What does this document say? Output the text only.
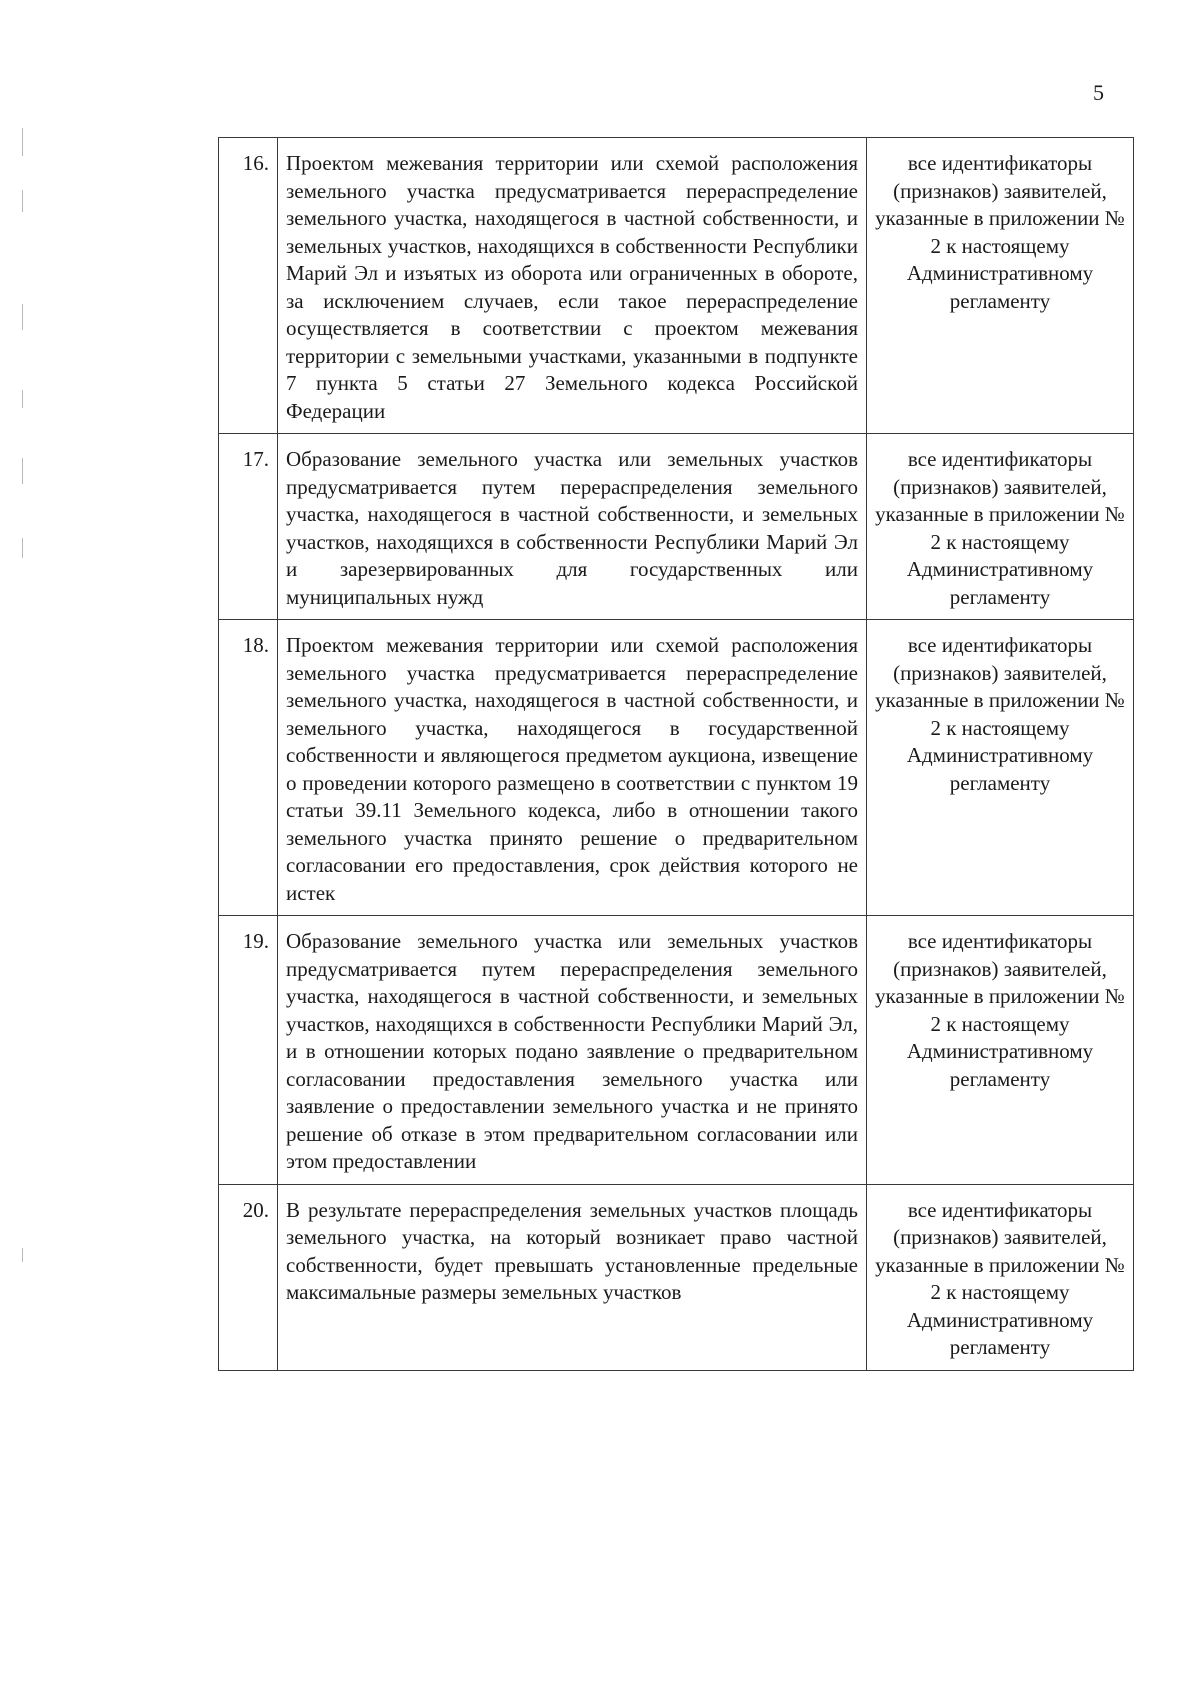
5
16.	Проектом межевания территории или схемой расположения земельного участка предусматривается перераспределение земельного участка, находящегося в частной собственности, и земельных участков, находящихся в собственности Республики Марий Эл и изъятых из оборота или ограниченных в обороте, за исключением случаев, если такое перераспределение осуществляется в соответствии с проектом межевания территории с земельными участками, указанными в подпункте 7 пункта 5 статьи 27 Земельного кодекса Российской Федерации	все идентификаторы (признаков) заявителей, указанные в приложении № 2 к настоящему Административному регламенту
17.	Образование земельного участка или земельных участков предусматривается путем перераспределения земельного участка, находящегося в частной собственности, и земельных участков, находящихся в собственности Республики Марий Эл и зарезервированных для государственных или муниципальных нужд	все идентификаторы (признаков) заявителей, указанные в приложении № 2 к настоящему Административному регламенту
18.	Проектом межевания территории или схемой расположения земельного участка предусматривается перераспределение земельного участка, находящегося в частной собственности, и земельного участка, находящегося в государственной собственности и являющегося предметом аукциона, извещение о проведении которого размещено в соответствии с пунктом 19 статьи 39.11 Земельного кодекса, либо в отношении такого земельного участка принято решение о предварительном согласовании его предоставления, срок действия которого не истек	все идентификаторы (признаков) заявителей, указанные в приложении № 2 к настоящему Административному регламенту
19.	Образование земельного участка или земельных участков предусматривается путем перераспределения земельного участка, находящегося в частной собственности, и земельных участков, находящихся в собственности Республики Марий Эл, и в отношении которых подано заявление о предварительном согласовании предоставления земельного участка или заявление о предоставлении земельного участка и не принято решение об отказе в этом предварительном согласовании или этом предоставлении	все идентификаторы (признаков) заявителей, указанные в приложении № 2 к настоящему Административному регламенту
20.	В результате перераспределения земельных участков площадь земельного участка, на который возникает право частной собственности, будет превышать установленные предельные максимальные размеры земельных участков	все идентификаторы (признаков) заявителей, указанные в приложении № 2 к настоящему Административному регламенту
